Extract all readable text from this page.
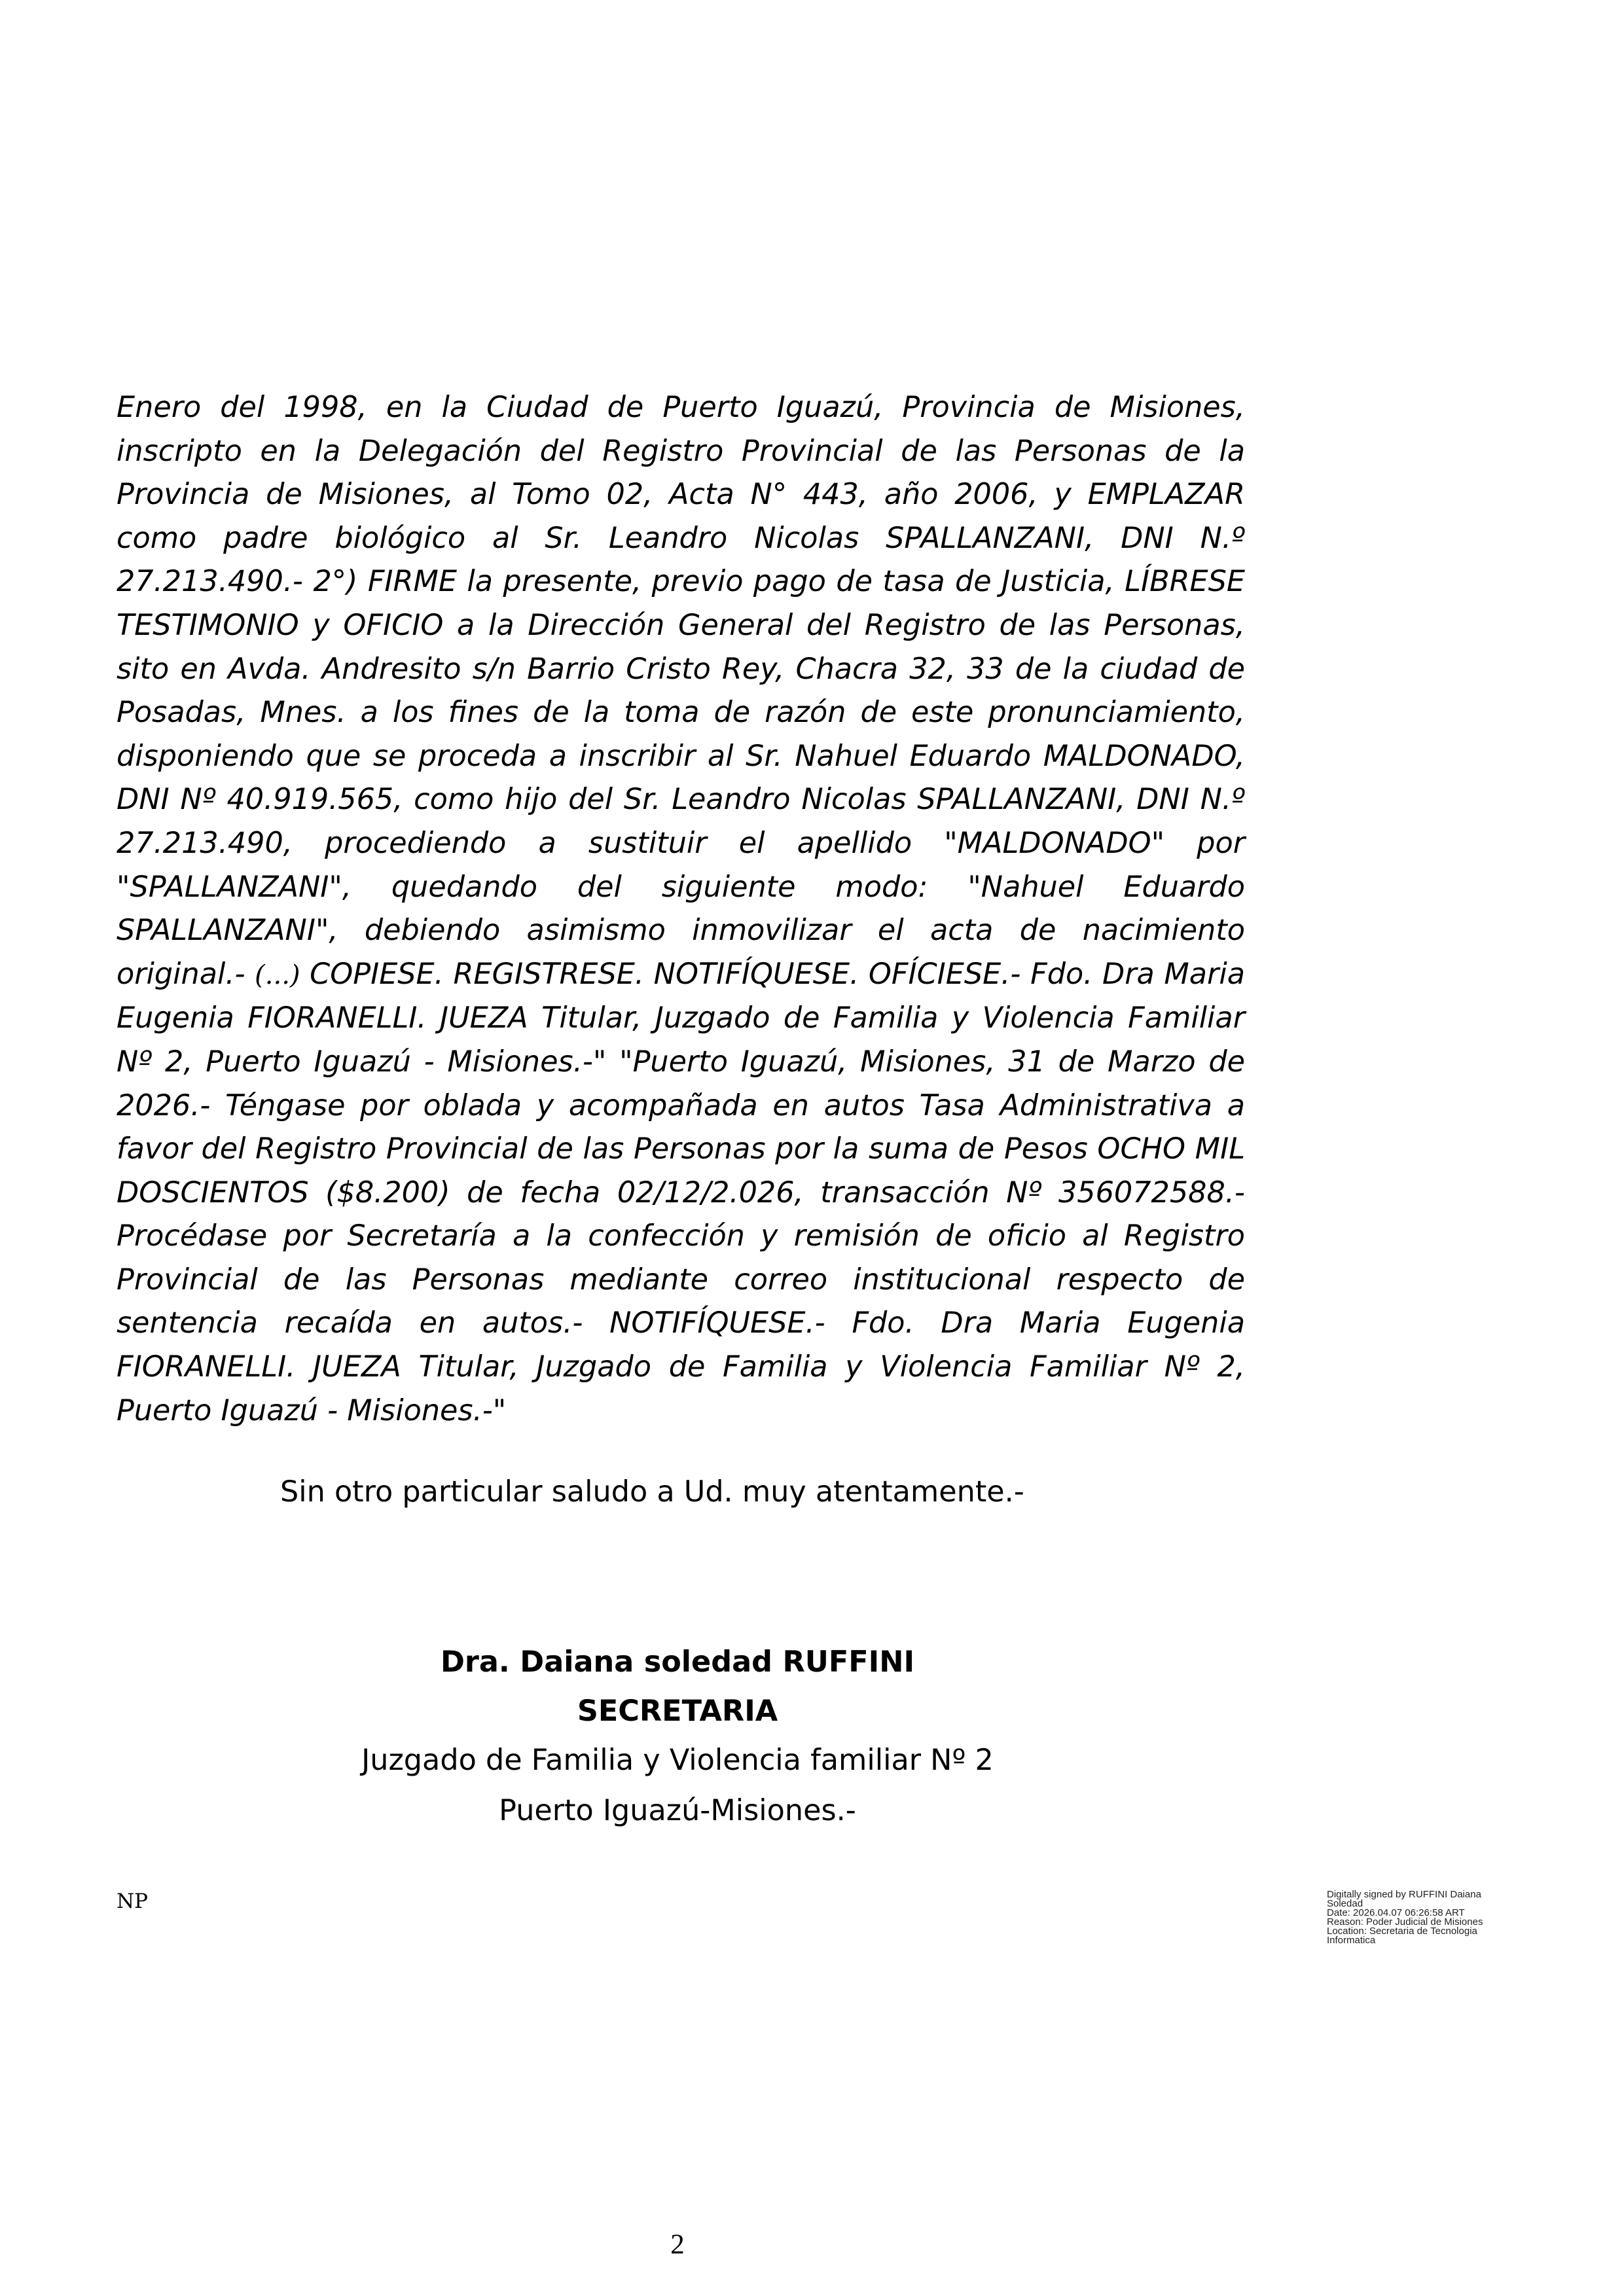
Enero del 1998, en la Ciudad de Puerto Iguazú, Provincia de Misiones, inscripto en la Delegación del Registro Provincial de las Personas de la Provincia de Misiones, al Tomo 02, Acta N° 443, año 2006, y EMPLAZAR como padre biológico al Sr. Leandro Nicolas SPALLANZANI, DNI N.º 27.213.490.- 2°) FIRME la presente, previo pago de tasa de Justicia, LÍBRESE TESTIMONIO y OFICIO a la Dirección General del Registro de las Personas, sito en Avda. Andresito s/n Barrio Cristo Rey, Chacra 32, 33 de la ciudad de Posadas, Mnes. a los fines de la toma de razón de este pronunciamiento, disponiendo que se proceda a inscribir al Sr. Nahuel Eduardo MALDONADO, DNI Nº 40.919.565, como hijo del Sr. Leandro Nicolas SPALLANZANI, DNI N.º 27.213.490, procediendo a sustituir el apellido "MALDONADO" por "SPALLANZANI", quedando del siguiente modo: "Nahuel Eduardo SPALLANZANI", debiendo asimismo inmovilizar el acta de nacimiento original.- (...) COPIESE. REGISTRESE. NOTIFÍQUESE. OFÍCIESE.- Fdo. Dra Maria Eugenia FIORANELLI. JUEZA Titular, Juzgado de Familia y Violencia Familiar Nº 2, Puerto Iguazú - Misiones.-" "Puerto Iguazú, Misiones, 31 de Marzo de 2026.- Téngase por oblada y acompañada en autos Tasa Administrativa a favor del Registro Provincial de las Personas por la suma de Pesos OCHO MIL DOSCIENTOS ($8.200) de fecha 02/12/2.026, transacción Nº 356072588.-Procédase por Secretaría a la confección y remisión de oficio al Registro Provincial de las Personas mediante correo institucional respecto de sentencia recaída en autos.- NOTIFÍQUESE.- Fdo. Dra Maria Eugenia FIORANELLI. JUEZA Titular, Juzgado de Familia y Violencia Familiar Nº 2, Puerto Iguazú - Misiones.-"

Sin otro particular saludo a Ud. muy atentamente.-

Dra. Daiana soledad RUFFINI

SECRETARIA

Juzgado de Familia y Violencia familiar Nº 2

Puerto Iguazú-Misiones.-

NP	Digitally signed by RUFFINI Daiana Soledad
Date: 2026.04.07 06:26:58 ART
Reason: Poder Judicial de Misiones
Location: Secretaria de Tecnologia Informatica

2
